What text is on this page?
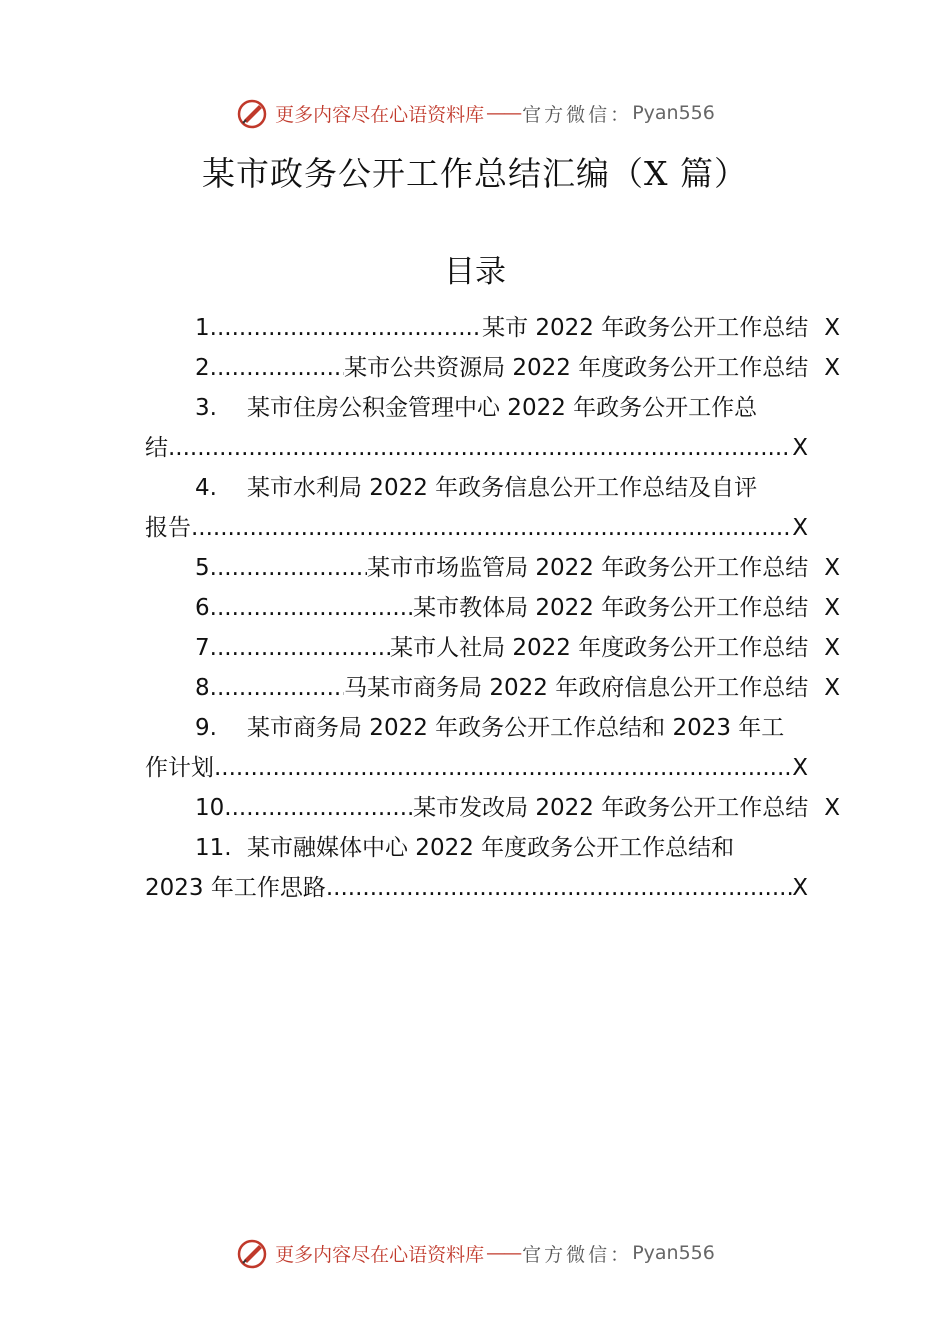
更多内容尽在心语资料库 —— 官方微信： Pyan556
某市政务公开工作总结汇编（X 篇）
目录
1 .....	某市 2022 年政务公开工作总结 X
2 .....	某市公共资源局 2022 年度政务公开工作总结 X
3.	某市住房公积金管理中心 2022 年政务公开工作总
结 .....	X
4.	某市水利局 2022 年政务信息公开工作总结及自评
报告 .....	X
5 .....	某市市场监管局 2022 年政务公开工作总结 X
6 .....	某市教体局 2022 年政务公开工作总结 X
7 .....	某市人社局 2022 年度政务公开工作总结 X
8 .....	马某市商务局 2022 年政府信息公开工作总结 X
9.	某市商务局 2022 年政务公开工作总结和 2023 年工
作计划 .....	X
10 .....	某市发改局 2022 年政务公开工作总结 X
11. 某市融媒体中心 2022 年度政务公开工作总结和
2023 年工作思路 .....	X
更多内容尽在心语资料库 —— 官方微信： Pyan556
